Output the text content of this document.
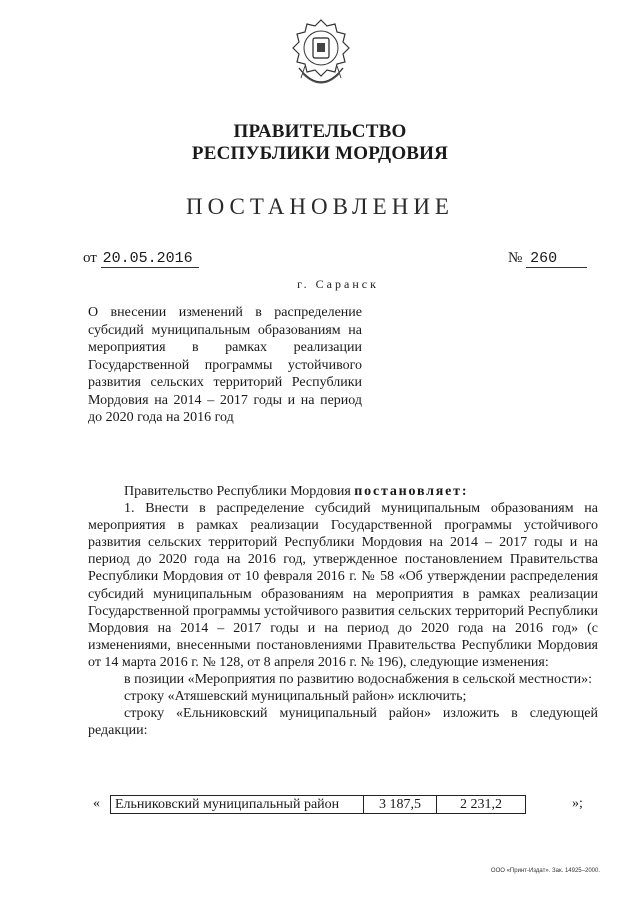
ПРАВИТЕЛЬСТВО
РЕСПУБЛИКИ МОРДОВИЯ
ПОСТАНОВЛЕНИЕ
от 20.05.2016	№ 260
г. Саранск
О внесении изменений в распределение субсидий муниципальным образованиям на мероприятия в рамках реализации Государственной программы устойчивого развития сельских территорий Республики Мордовия на 2014 – 2017 годы и на период до 2020 года на 2016 год

Правительство Республики Мордовия постановляет:

1. Внести в распределение субсидий муниципальным образованиям на мероприятия в рамках реализации Государственной программы устойчивого развития сельских территорий Республики Мордовия на 2014 – 2017 годы и на период до 2020 года на 2016 год, утвержденное постановлением Правительства Республики Мордовия от 10 февраля 2016 г. № 58 «Об утверждении распределения субсидий муниципальным образованиям на мероприятия в рамках реализации Государственной программы устойчивого развития сельских территорий Республики Мордовия на 2014 – 2017 годы и на период до 2020 года на 2016 год» (с изменениями, внесенными постановлениями Правительства Республики Мордовия от 14 марта 2016 г. № 128, от 8 апреля 2016 г. № 196), следующие изменения:

в позиции «Мероприятия по развитию водоснабжения в сельской местности»:

строку «Атяшевский муниципальный район» исключить;

строку «Ельниковский муниципальный район» изложить в следующей редакции:

« Ельниковский муниципальный район	3 187,5	2 231,2		»;
ООО «Принт-Издат». Зак. 14925–2000.
